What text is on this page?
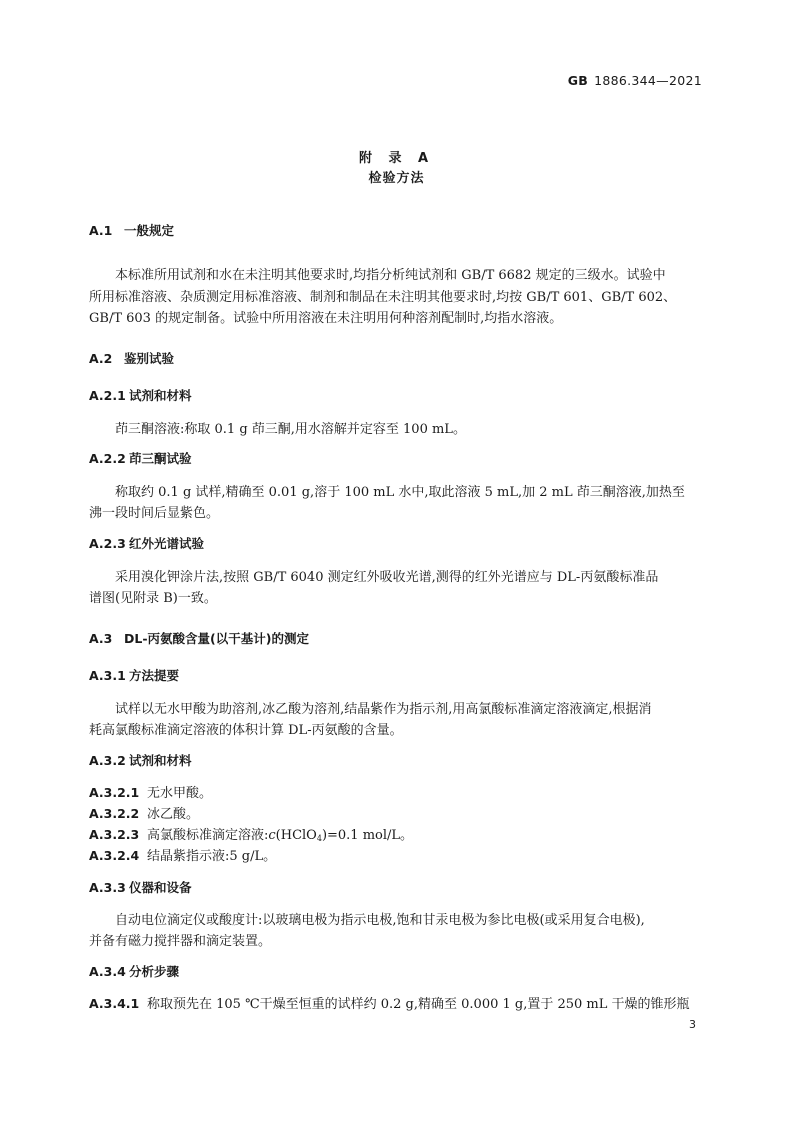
GB 1886.344—2021
附 录 A
检验方法
A.1 一般规定
本标准所用试剂和水在未注明其他要求时,均指分析纯试剂和 GB/T 6682 规定的三级水。试验中
所用标准溶液、杂质测定用标准溶液、制剂和制品在未注明其他要求时,均按 GB/T 601、GB/T 602、
GB/T 603 的规定制备。试验中所用溶液在未注明用何种溶剂配制时,均指水溶液。
A.2 鉴别试验
A.2.1 试剂和材料
茚三酮溶液:称取 0.1 g 茚三酮,用水溶解并定容至 100 mL。
A.2.2 茚三酮试验
称取约 0.1 g 试样,精确至 0.01 g,溶于 100 mL 水中,取此溶液 5 mL,加 2 mL 茚三酮溶液,加热至
沸一段时间后显紫色。
A.2.3 红外光谱试验
采用溴化钾涂片法,按照 GB/T 6040 测定红外吸收光谱,测得的红外光谱应与 DL-丙氨酸标准品
谱图(见附录 B)一致。
A.3 DL-丙氨酸含量(以干基计)的测定
A.3.1 方法提要
试样以无水甲酸为助溶剂,冰乙酸为溶剂,结晶紫作为指示剂,用高氯酸标准滴定溶液滴定,根据消
耗高氯酸标准滴定溶液的体积计算 DL-丙氨酸的含量。
A.3.2 试剂和材料
A.3.2.1 无水甲酸。
A.3.2.2 冰乙酸。
A.3.2.3 高氯酸标准滴定溶液:c(HClO$_4$)=0.1 mol/L。
A.3.2.4 结晶紫指示液:5 g/L。
A.3.3 仪器和设备
自动电位滴定仪或酸度计:以玻璃电极为指示电极,饱和甘汞电极为参比电极(或采用复合电极),
并备有磁力搅拌器和滴定装置。
A.3.4 分析步骤
A.3.4.1 称取预先在 105 ℃干燥至恒重的试样约 0.2 g,精确至 0.000 1 g,置于 250 mL 干燥的锥形瓶
3
